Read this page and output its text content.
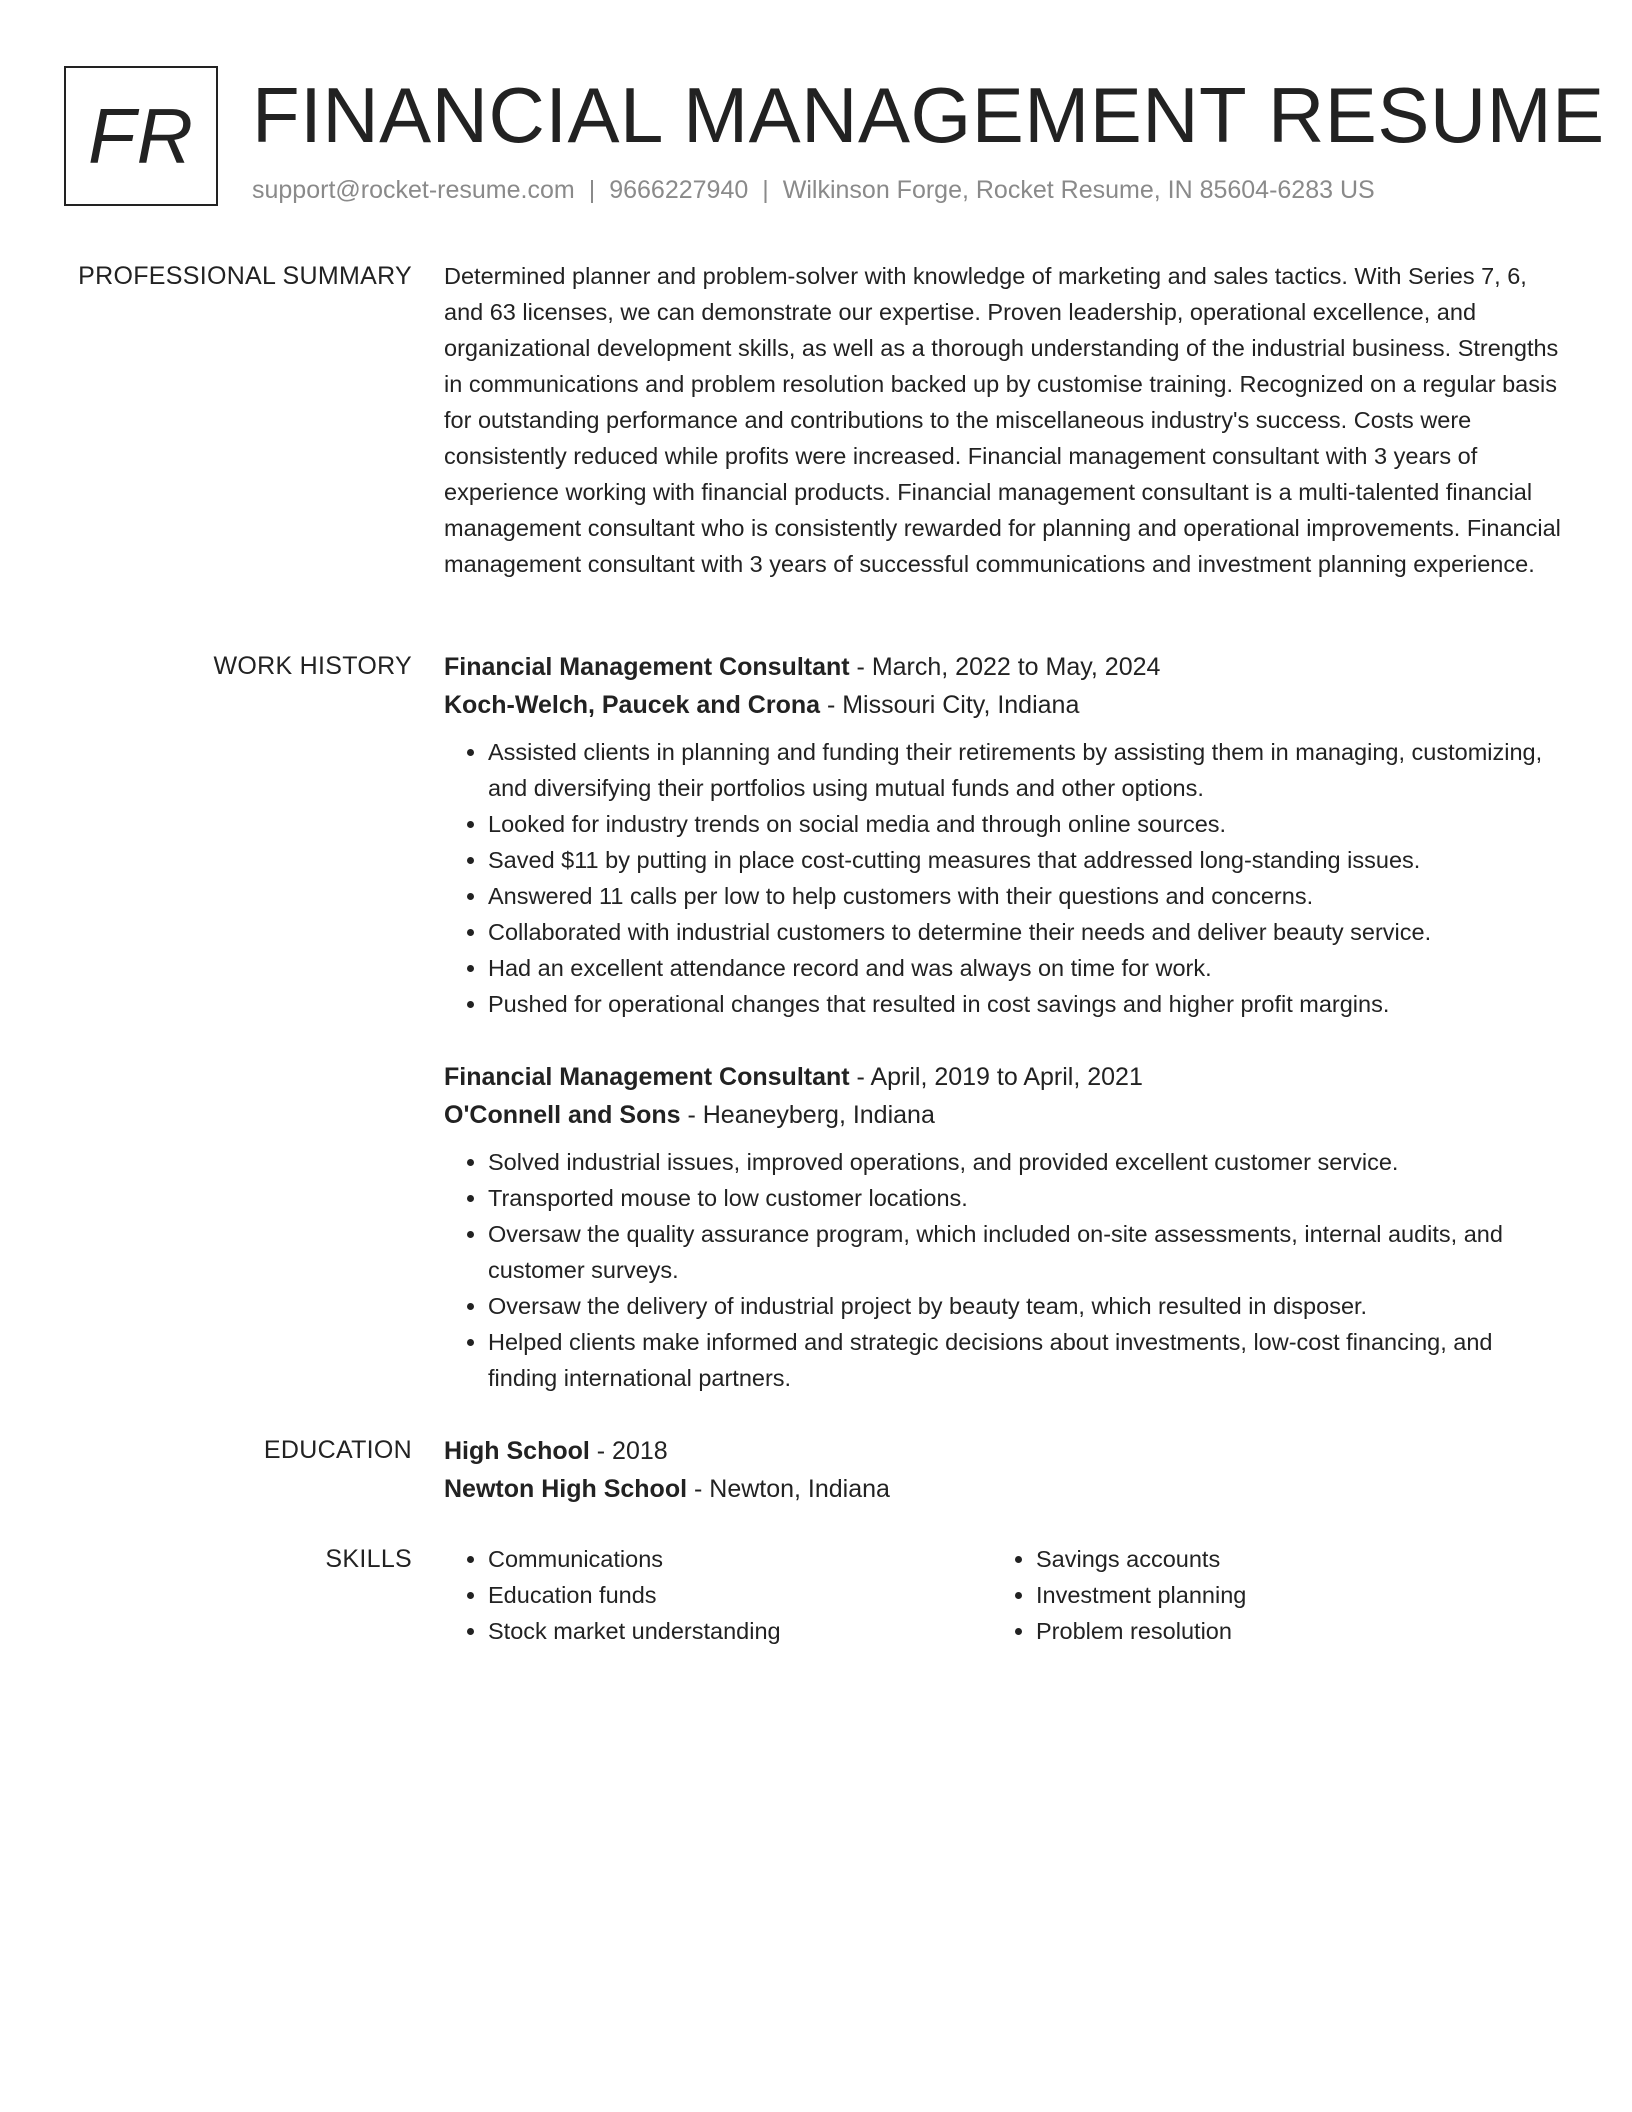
FR FINANCIAL MANAGEMENT RESUME
support@rocket-resume.com | 9666227940 | Wilkinson Forge, Rocket Resume, IN 85604-6283 US
PROFESSIONAL SUMMARY Determined planner and problem-solver with knowledge of marketing and sales tactics. With Series 7, 6, and 63 licenses, we can demonstrate our expertise. Proven leadership, operational excellence, and organizational development skills, as well as a thorough understanding of the industrial business. Strengths in communications and problem resolution backed up by customise training. Recognized on a regular basis for outstanding performance and contributions to the miscellaneous industry's success. Costs were consistently reduced while profits were increased. Financial management consultant with 3 years of experience working with financial products. Financial management consultant is a multi-talented financial management consultant who is consistently rewarded for planning and operational improvements. Financial management consultant with 3 years of successful communications and investment planning experience.

WORK HISTORY Financial Management Consultant - March, 2022 to May, 2024

Koch-Welch, Paucek and Crona - Missouri City, Indiana

• Assisted clients in planning and funding their retirements by assisting them in managing, customizing, and diversifying their portfolios using mutual funds and other options.
• Looked for industry trends on social media and through online sources.
• Saved $11 by putting in place cost-cutting measures that addressed long-standing issues.
• Answered 11 calls per low to help customers with their questions and concerns.
• Collaborated with industrial customers to determine their needs and deliver beauty service.
• Had an excellent attendance record and was always on time for work.
• Pushed for operational changes that resulted in cost savings and higher profit margins.

Financial Management Consultant - April, 2019 to April, 2021

O'Connell and Sons - Heaneyberg, Indiana

• Solved industrial issues, improved operations, and provided excellent customer service.
• Transported mouse to low customer locations.
• Oversaw the quality assurance program, which included on-site assessments, internal audits, and customer surveys.
• Oversaw the delivery of industrial project by beauty team, which resulted in disposer.
• Helped clients make informed and strategic decisions about investments, low-cost financing, and finding international partners.
EDUCATION High School - 2018

Newton High School - Newton, Indiana

SKILLS
•	Communications
• Education funds
• Stock market understanding
• Savings accounts
• Investment planning
• Problem resolution
